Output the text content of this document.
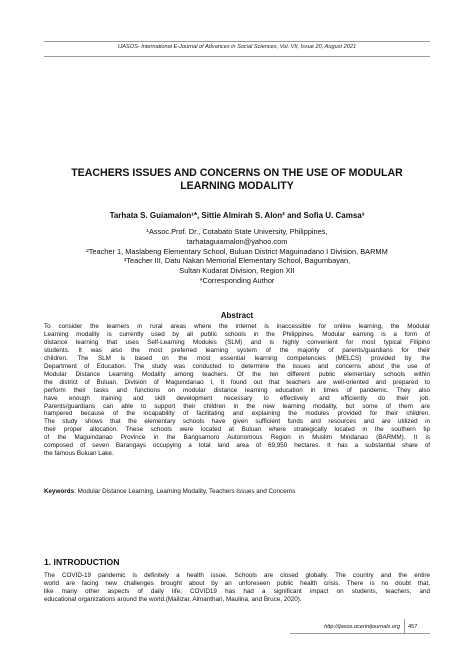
IJASOS- International E-Journal of Advances in Social Sciences, Vol. VII, Issue 20, August 2021
TEACHERS ISSUES AND CONCERNS ON THE USE OF MODULAR
LEARNING MODALITY
Tarhata S. Guiamalon¹*, Sittie Almirah S. Alon² and Sofia U. Camsa³
¹Assoc.Prof. Dr., Cotabato State University, Philippines,
tarhataguiamalon@yahoo.com
²Teacher 1, Maslabeng Elementary School, Buluan District Maguinadano I Division, BARMM
³Teacher III, Datu Nakan Memorial Elementary School, Bagumbayan,
Sultan Kudarat Division, Region XII
*Corresponding Author
Abstract
To consider the learners in rural areas where the internet is inaccessible for online learning, the Modular
Learning modality is currently used by all public schools in the Philippines. Modular earning is a form of
distance learning that uses Self-Learning Modules (SLM) and is highly convenient for most typical Filipino
students. It was also the most preferred learning system of the majority of parents/guardians for their
children. The SLM is based on the most essential learning competencies (MELCS) provided by the
Department of Education. The study was conducted to determine the issues and concerns about the use of
Modular Distance Learning Modality among teachers. Of the ten different public elementary schools within
the district of Buluan, Division of Maguindanao I, It found out that teachers are well-oriented and prepared to
perform their tasks and functions on modular distance learning education in times of pandemic. They also
have enough training and skill development necessary to effectively and efficiently do their job.
Parents/guardians can able to support their children in the new learning modality, but some of them are
hampered because of the incapability of facilitating and explaining the modules provided for their children.
The study shows that the elementary schools have given sufficient funds and resources and are utilized in
their proper allocation. These schools were located at Buluan where strategically located in the southern tip
of the Maguindanao Province in the Bangsamoro Autonomous Region in Muslim Mindanao (BARMM). It is
composed of seven Barangays occupying a total land area of 69,950 hectares. It has a substantial share of
the famous Buluan Lake.
Keywords: Modular Distance Learning, Learning Modality, Teachers Issues and Concerns
1. INTRODUCTION
The COVID-19 pandemic is definitely a health issue. Schools are closed globally. The country and the entire
world are facing new challenges brought about by an unforeseen public health crisis. There is no doubt that,
like many other aspects of daily life, COVID19 has had a significant impact on students, teachers, and
educational organizations around the world.(Mailizar, Almanthari, Maulina, and Bruce, 2020).
http://ijasos.ocerintjournals.org 457
